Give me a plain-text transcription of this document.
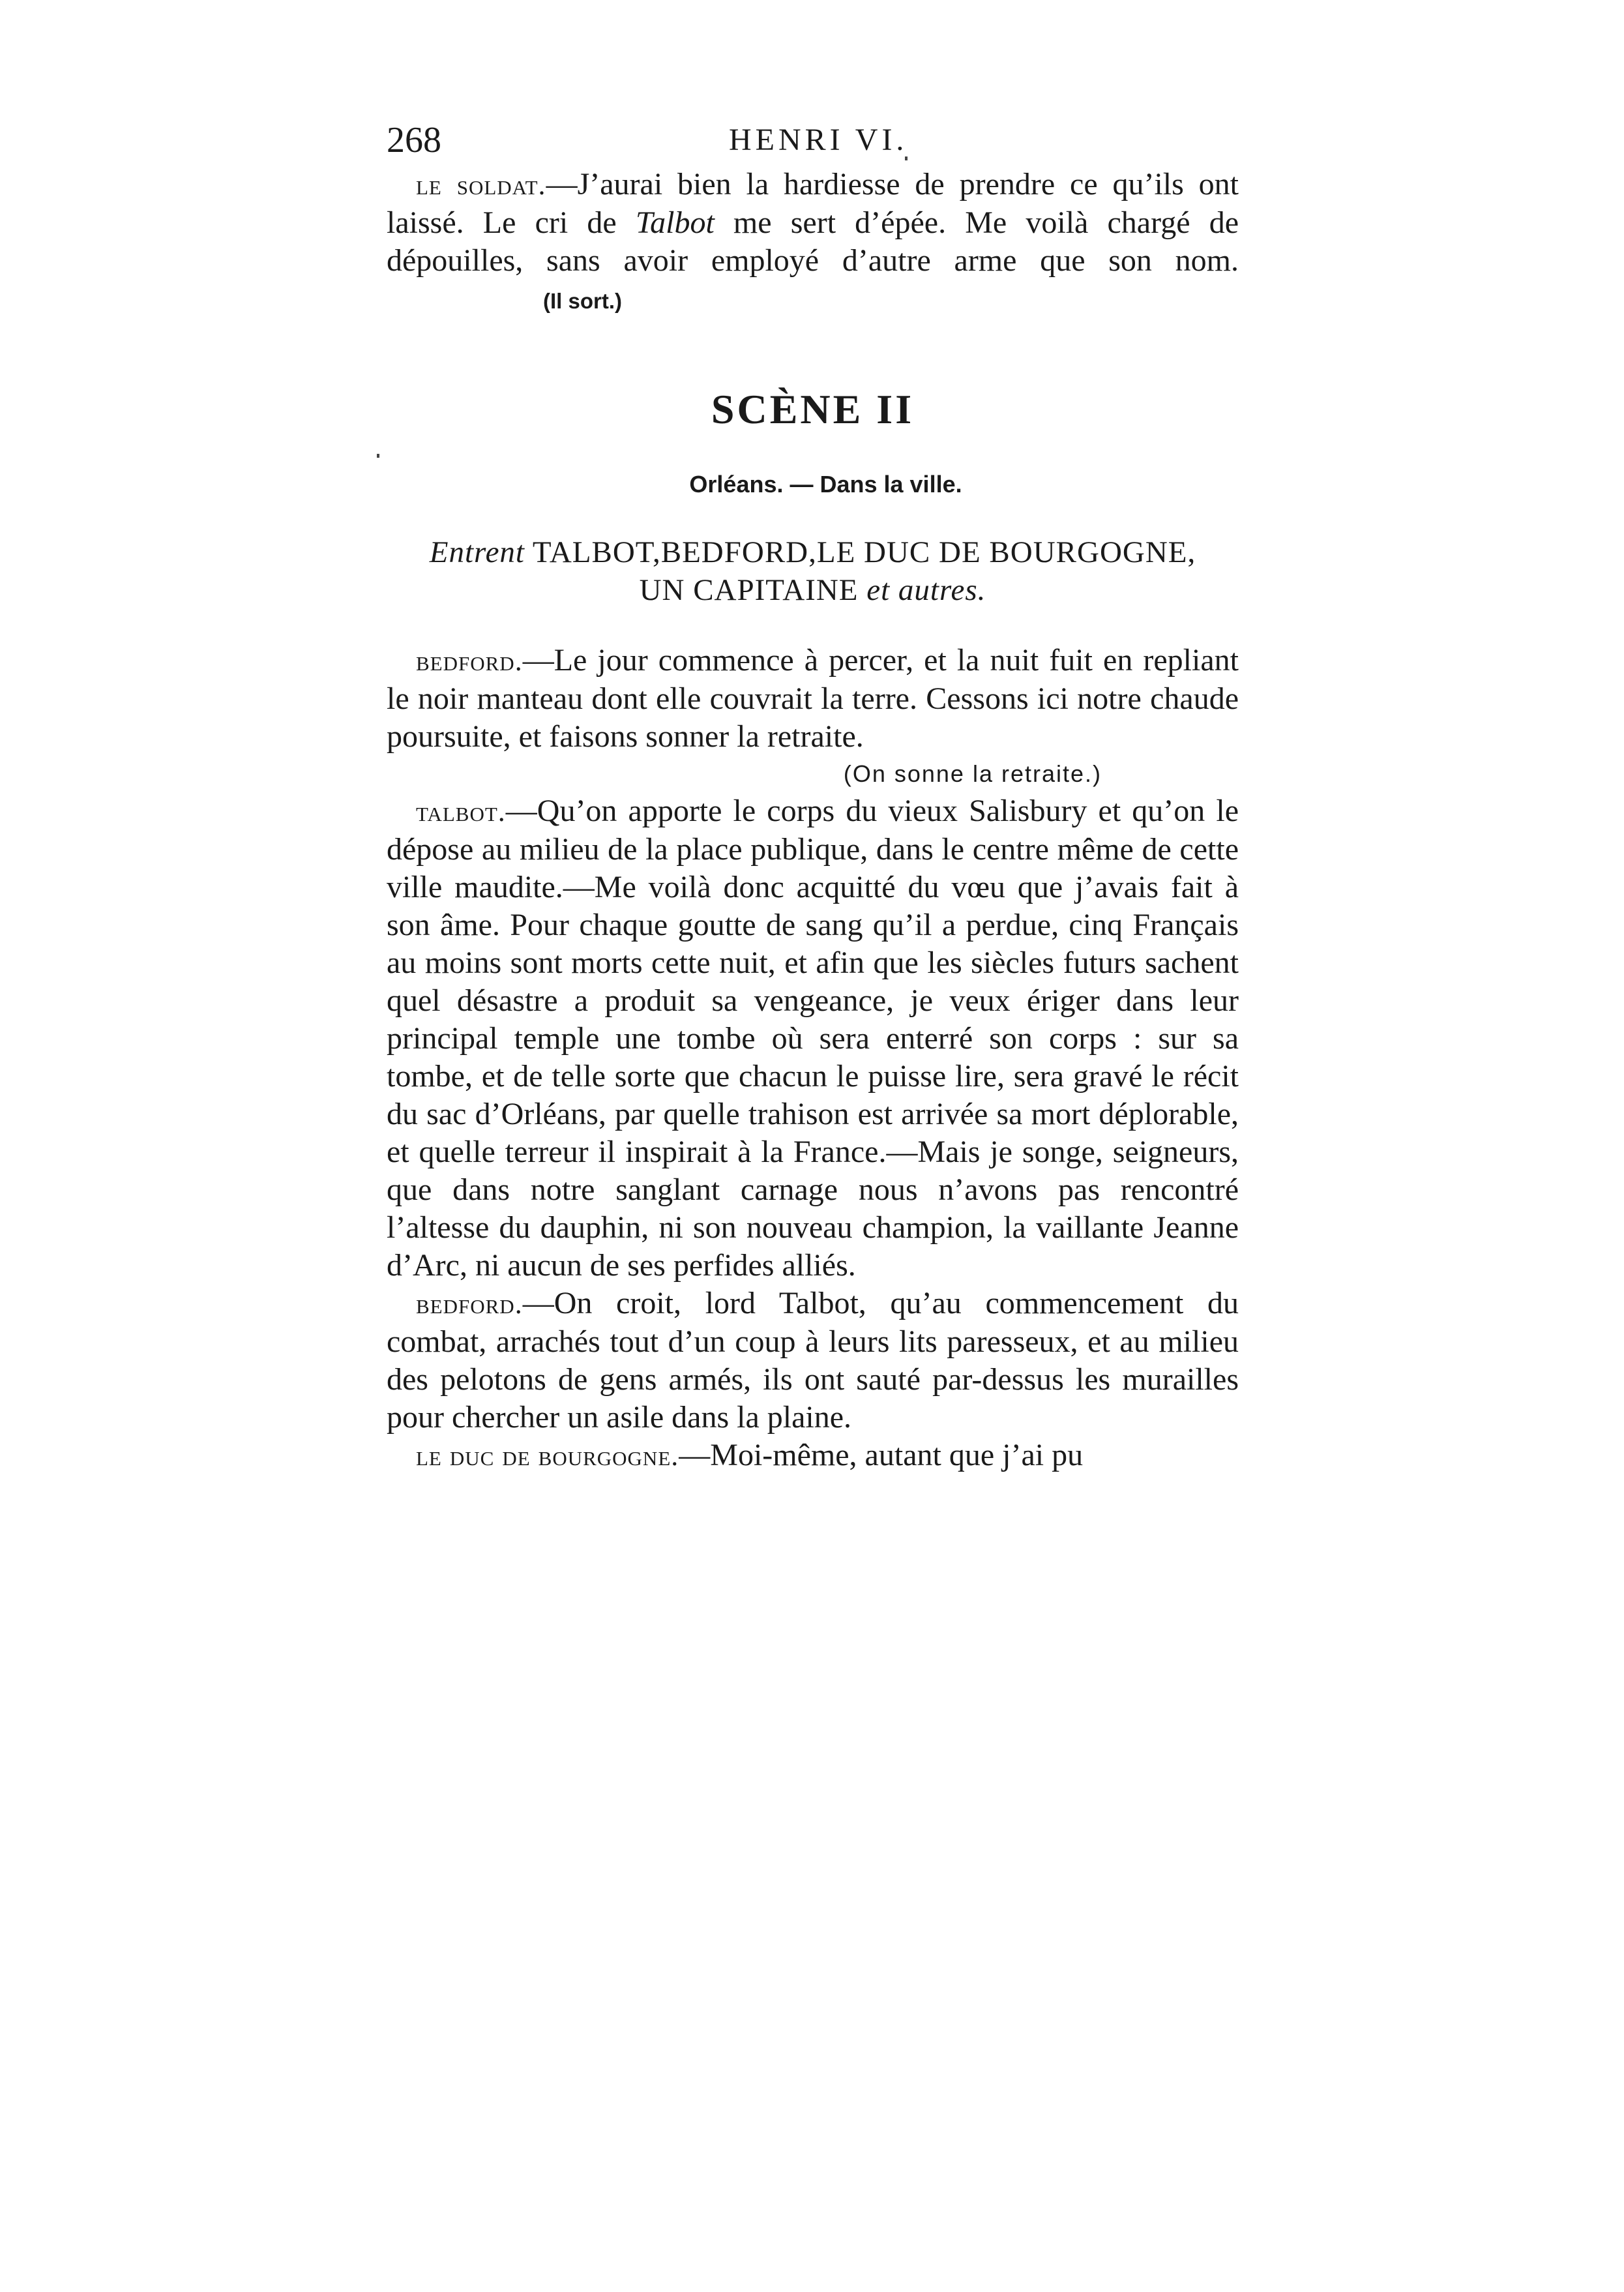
268	HENRI VI.

le soldat.—J’aurai bien la hardiesse de prendre ce qu’ils ont laissé. Le cri de Talbot me sert d’épée. Me voilà chargé de dépouilles, sans avoir employé d’autre arme que son nom.(Il sort.)

SCÈNE II
Orléans. — Dans la ville.
Entrent TALBOT,BEDFORD,LE DUC DE BOURGOGNE,
UN CAPITAINE et autres.

bedford.—Le jour commence à percer, et la nuit fuit en repliant le noir manteau dont elle couvrait la terre. Cessons ici notre chaude poursuite, et faisons sonner la retraite.

(On sonne la retraite.)

talbot.—Qu’on apporte le corps du vieux Salisbury et qu’on le dépose au milieu de la place publique, dans le centre même de cette ville maudite.—Me voilà donc acquitté du vœu que j’avais fait à son âme. Pour chaque goutte de sang qu’il a perdue, cinq Français au moins sont morts cette nuit, et afin que les siècles futurs sachent quel désastre a produit sa vengeance, je veux ériger dans leur principal temple une tombe où sera enterré son corps : sur sa tombe, et de telle sorte que chacun le puisse lire, sera gravé le récit du sac d’Orléans, par quelle trahison est arrivée sa mort déplorable, et quelle terreur il inspirait à la France.—Mais je songe, seigneurs, que dans notre sanglant carnage nous n’avons pas rencontré l’altesse du dauphin, ni son nouveau champion, la vaillante Jeanne d’Arc, ni aucun de ses perfides alliés.

bedford.—On croit, lord Talbot, qu’au commencement du combat, arrachés tout d’un coup à leurs lits paresseux, et au milieu des pelotons de gens armés, ils ont sauté par-dessus les murailles pour chercher un asile dans la plaine.

le duc de bourgogne.—Moi-même, autant que j’ai pu
